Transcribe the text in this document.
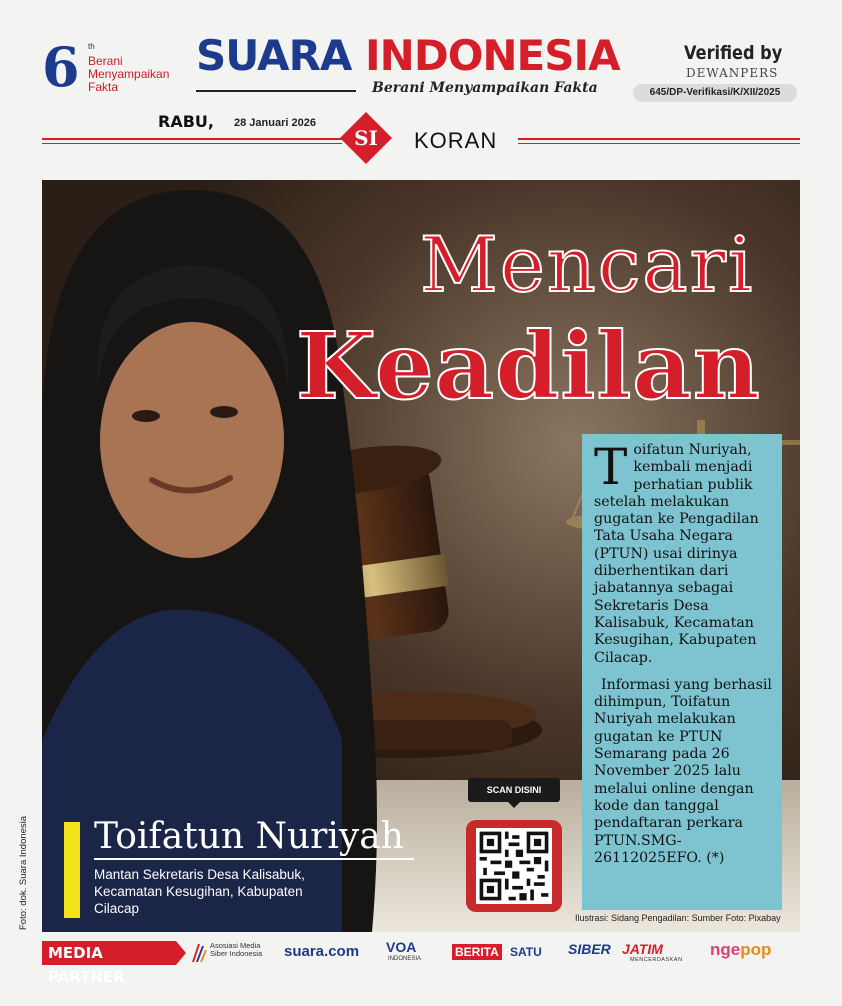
6 th
Berani Menyampaikan Fakta
SUARA INDONESIA
Berani Menyampaikan Fakta
Verified by
DEWANPERS
645/DP-Verifikasi/K/XII/2025
RABU, 28 Januari 2026
SI KORAN
Mencari
Keadilan

Toifatun Nuriyah, kembali menjadi perhatian publik setelah melakukan gugatan ke Pengadilan Tata Usaha Negara (PTUN) usai dirinya diberhentikan dari jabatannya sebagai Sekretaris Desa Kalisabuk, Kecamatan Kesugihan, Kabupaten Cilacap.

Informasi yang berhasil dihimpun, Toifatun Nuriyah melakukan gugatan ke PTUN Semarang pada 26 November 2025 lalu melalui online dengan kode dan tanggal pendaftaran perkara PTUN.SMG-26112025EFO. (*)

Toifatun Nuriyah
Mantan Sekretaris Desa Kalisabuk, Kecamatan Kesugihan, Kabupaten Cilacap
SCAN DISINI
Ilustrasi: Sidang Pengadilan: Sumber Foto: Pixabay
Foto: dok. Suara Indonesia
MEDIA PARTNER
Asosiasi Media Siber Indonesia	suara.com VOA
INDONESIA	BERITA SATU SIBER JATIM
MENCERDASKAN
ngepop
